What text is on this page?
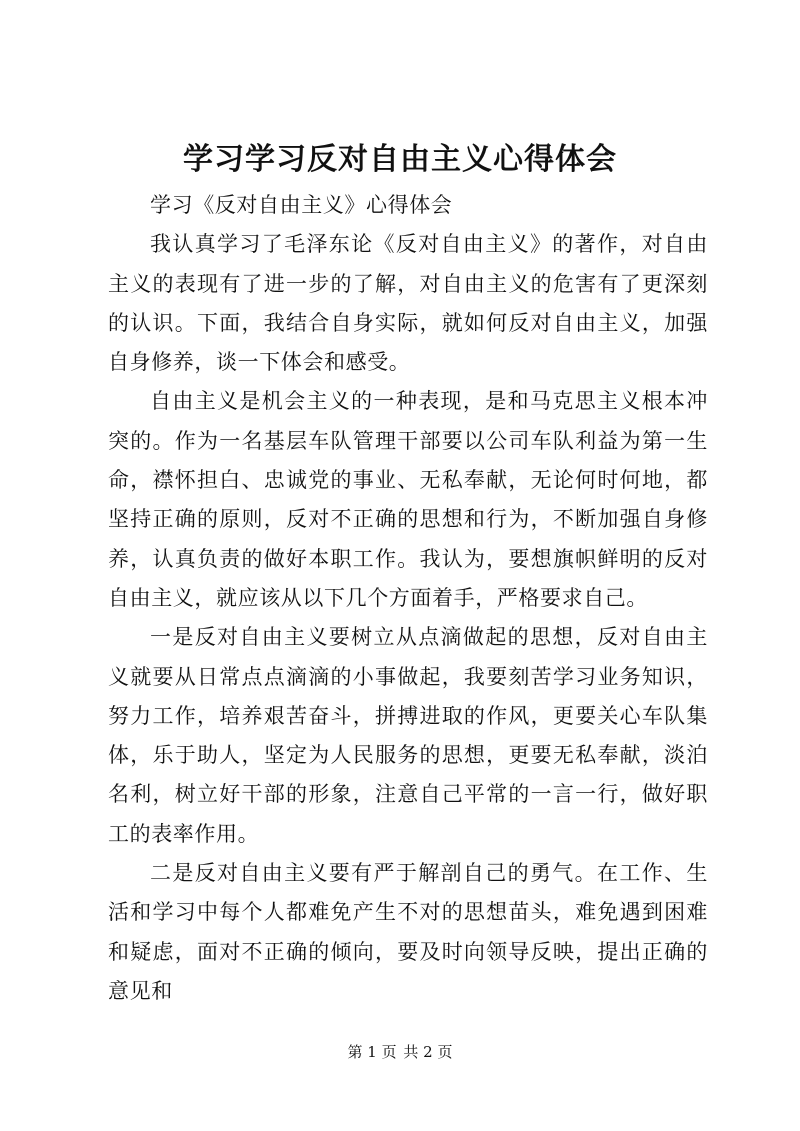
学习学习反对自由主义心得体会

学习《反对自由主义》心得体会

我认真学习了毛泽东论《反对自由主义》的著作，对自由主义的表现有了进一步的了解，对自由主义的危害有了更深刻的认识。下面，我结合自身实际，就如何反对自由主义，加强自身修养，谈一下体会和感受。

自由主义是机会主义的一种表现，是和马克思主义根本冲突的。作为一名基层车队管理干部要以公司车队利益为第一生命，襟怀担白、忠诚党的事业、无私奉献，无论何时何地，都坚持正确的原则，反对不正确的思想和行为，不断加强自身修养，认真负责的做好本职工作。我认为，要想旗帜鲜明的反对自由主义，就应该从以下几个方面着手，严格要求自己。

一是反对自由主义要树立从点滴做起的思想，反对自由主义就要从日常点点滴滴的小事做起，我要刻苦学习业务知识，努力工作，培养艰苦奋斗，拼搏进取的作风，更要关心车队集体，乐于助人，坚定为人民服务的思想，更要无私奉献，淡泊名利，树立好干部的形象，注意自己平常的一言一行，做好职工的表率作用。

二是反对自由主义要有严于解剖自己的勇气。在工作、生活和学习中每个人都难免产生不对的思想苗头，难免遇到困难和疑虑，面对不正确的倾向，要及时向领导反映，提出正确的意见和

第 1 页 共 2 页
